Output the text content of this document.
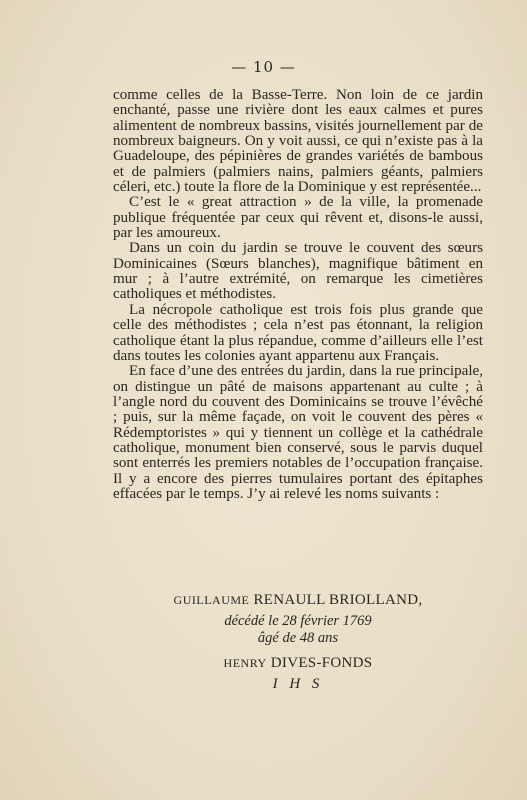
— 10 —

comme celles de la Basse-Terre. Non loin de ce jardin enchanté, passe une rivière dont les eaux calmes et pures alimentent de nombreux bassins, visités journellement par de nombreux baigneurs. On y voit aussi, ce qui n’existe pas à la Guadeloupe, des pépinières de grandes variétés de bambous et de palmiers (palmiers nains, palmiers géants, palmiers céleri, etc.) toute la flore de la Dominique y est représentée...

C’est le « great attraction » de la ville, la promenade publique fréquentée par ceux qui rêvent et, disons-le aussi, par les amoureux.

Dans un coin du jardin se trouve le couvent des sœurs Dominicaines (Sœurs blanches), magnifique bâtiment en mur ; à l’autre extrémité, on remarque les cimetières catholiques et méthodistes.

La nécropole catholique est trois fois plus grande que celle des méthodistes ; cela n’est pas étonnant, la religion catholique étant la plus répandue, comme d’ailleurs elle l’est dans toutes les colonies ayant appartenu aux Français.

En face d’une des entrées du jardin, dans la rue principale, on distingue un pâté de maisons appartenant au culte ; à l’angle nord du couvent des Dominicains se trouve l’évêché ; puis, sur la même façade, on voit le couvent des pères « Rédemptoristes » qui y tiennent un collège et la cathédrale catholique, monument bien conservé, sous le parvis duquel sont enterrés les premiers notables de l’occupation française. Il y a encore des pierres tumulaires portant des épitaphes effacées par le temps. J’y ai relevé les noms suivants :

GUILLAUME RENAULL BRIOLLAND,
décédé le 28 février 1769
âgé de 48 ans
HENRY DIVES-FONDS
I H S
